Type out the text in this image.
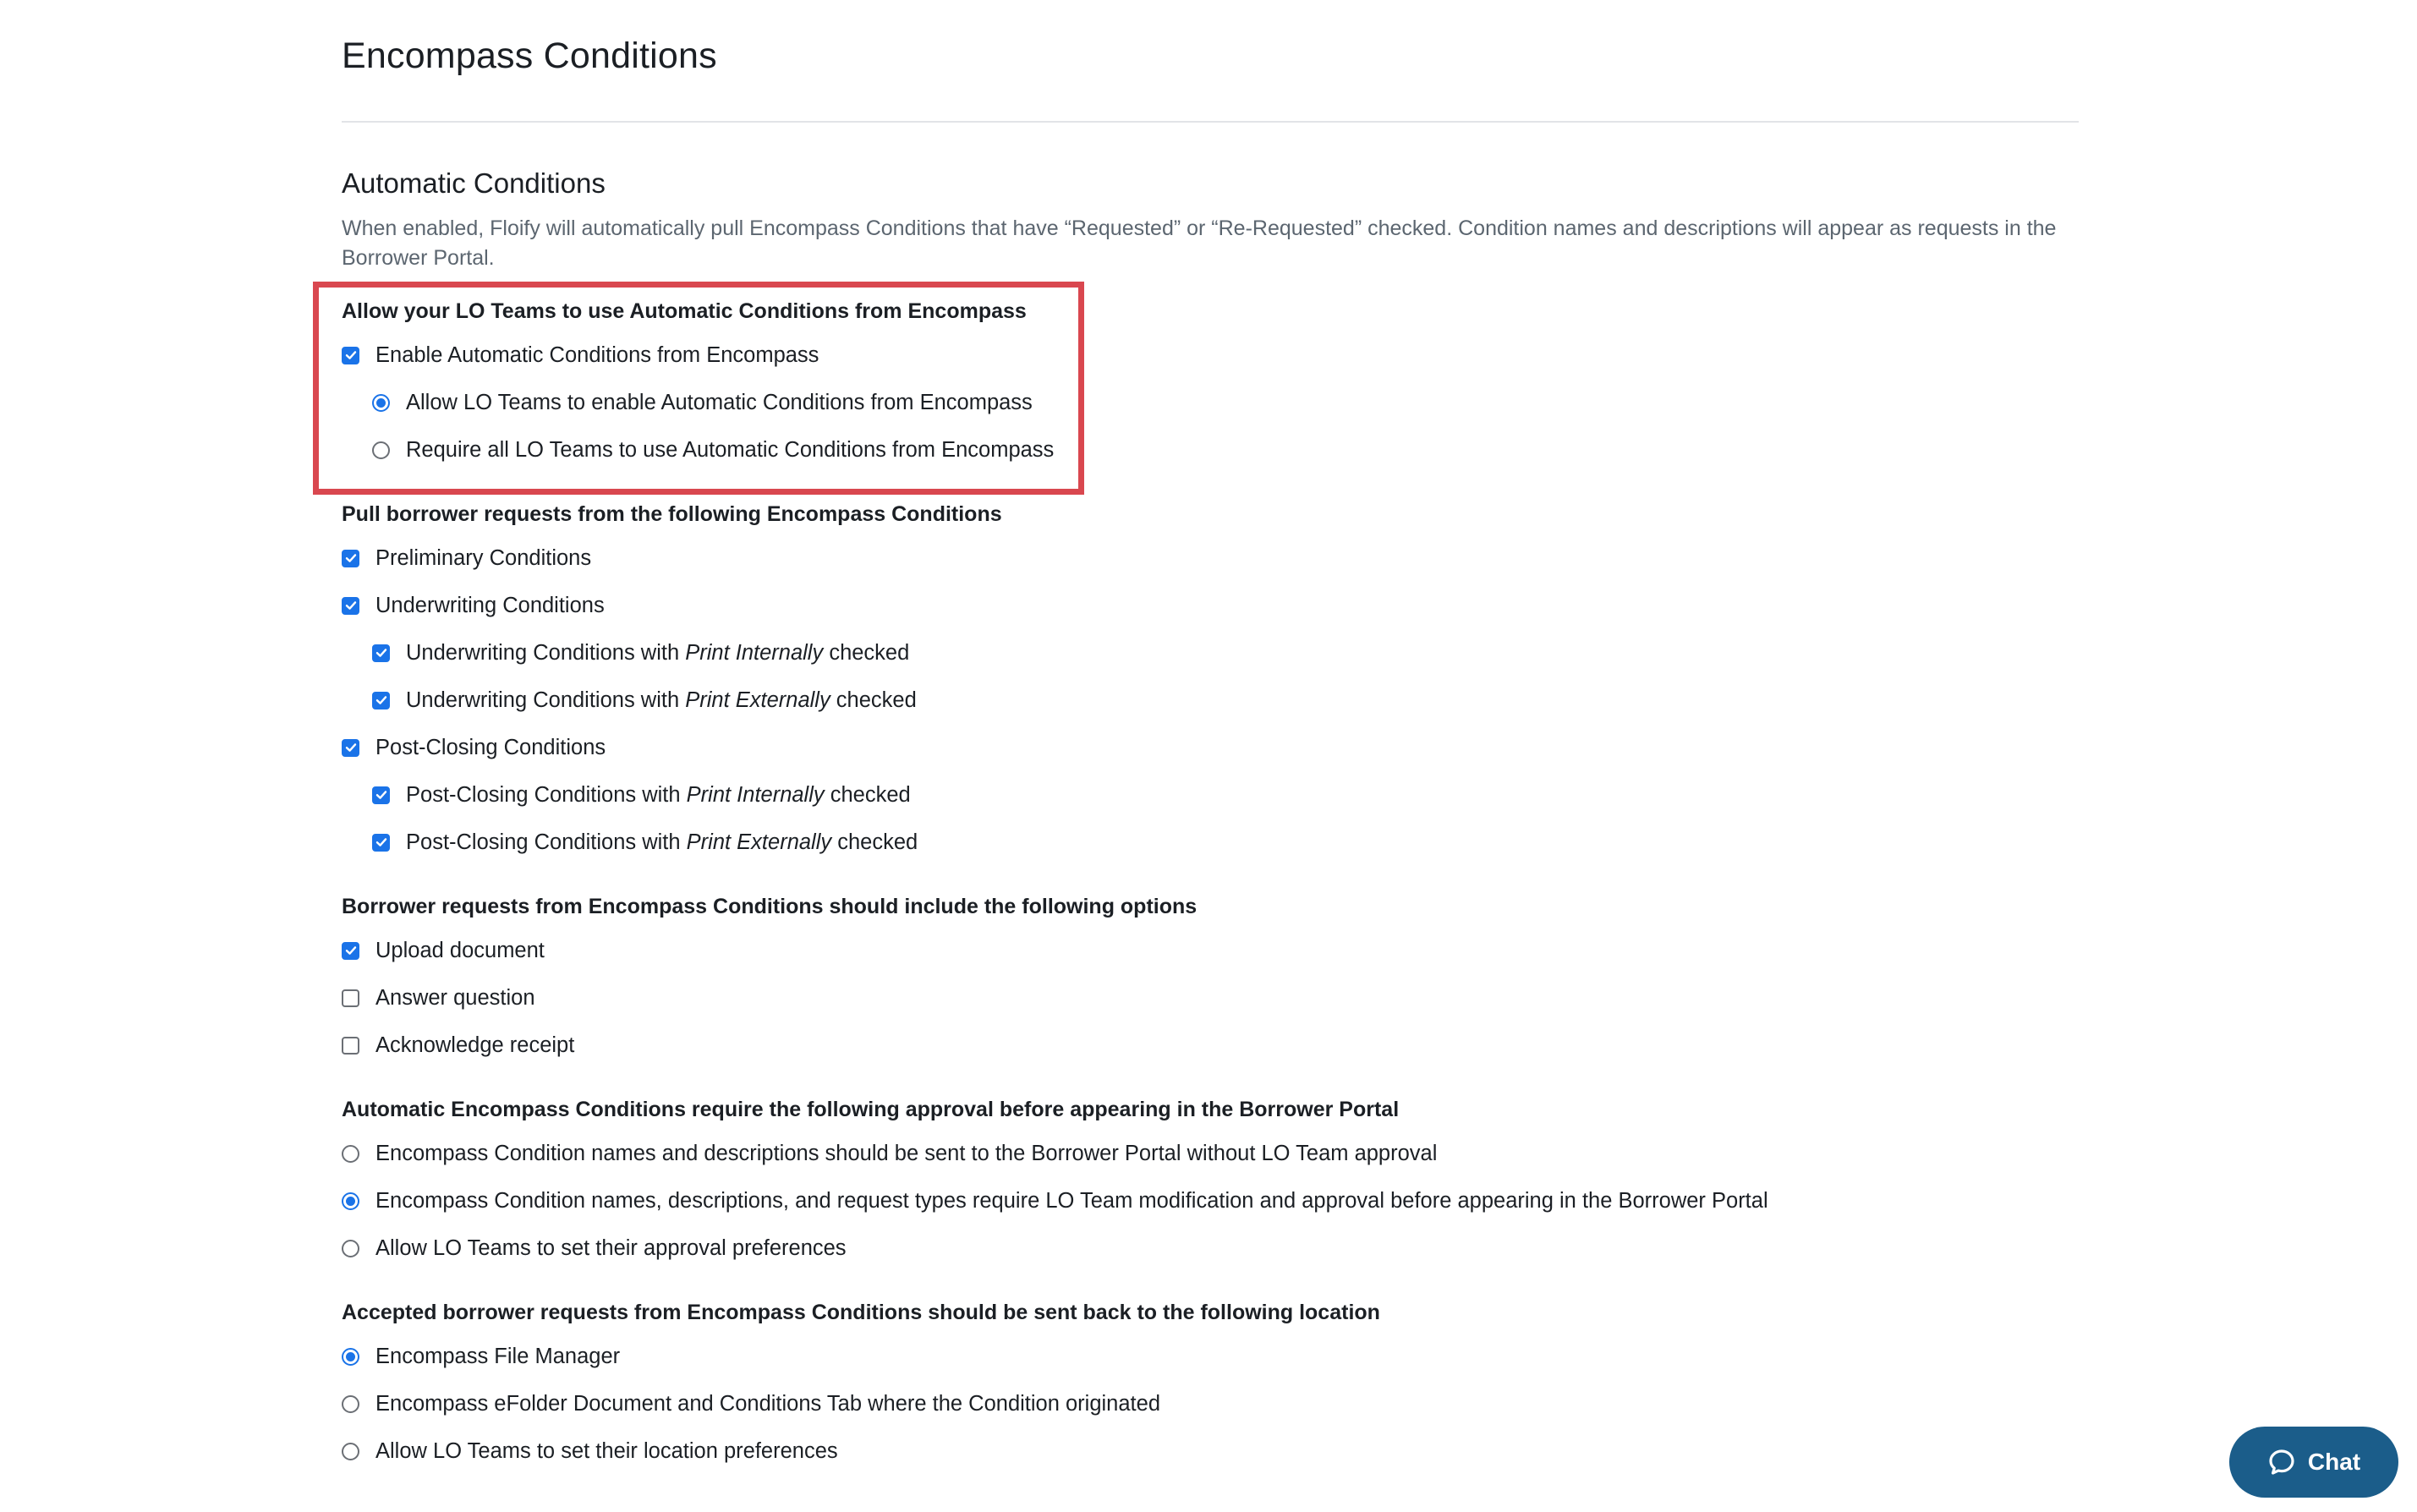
Encompass Conditions
Automatic Conditions

When enabled, Floify will automatically pull Encompass Conditions that have “Requested” or “Re-Requested” checked. Condition names and descriptions will appear as requests in the Borrower Portal.

Allow your LO Teams to use Automatic Conditions from Encompass
Enable Automatic Conditions from Encompass
Allow LO Teams to enable Automatic Conditions from Encompass
Require all LO Teams to use Automatic Conditions from Encompass
Pull borrower requests from the following Encompass Conditions
Preliminary Conditions
Underwriting Conditions
Underwriting Conditions with Print Internally checked
Underwriting Conditions with Print Externally checked
Post-Closing Conditions
Post-Closing Conditions with Print Internally checked
Post-Closing Conditions with Print Externally checked
Borrower requests from Encompass Conditions should include the following options
Upload document
Answer question
Acknowledge receipt
Automatic Encompass Conditions require the following approval before appearing in the Borrower Portal
Encompass Condition names and descriptions should be sent to the Borrower Portal without LO Team approval
Encompass Condition names, descriptions, and request types require LO Team modification and approval before appearing in the Borrower Portal
Allow LO Teams to set their approval preferences
Accepted borrower requests from Encompass Conditions should be sent back to the following location
Encompass File Manager
Encompass eFolder Document and Conditions Tab where the Condition originated
Allow LO Teams to set their location preferences	Chat
